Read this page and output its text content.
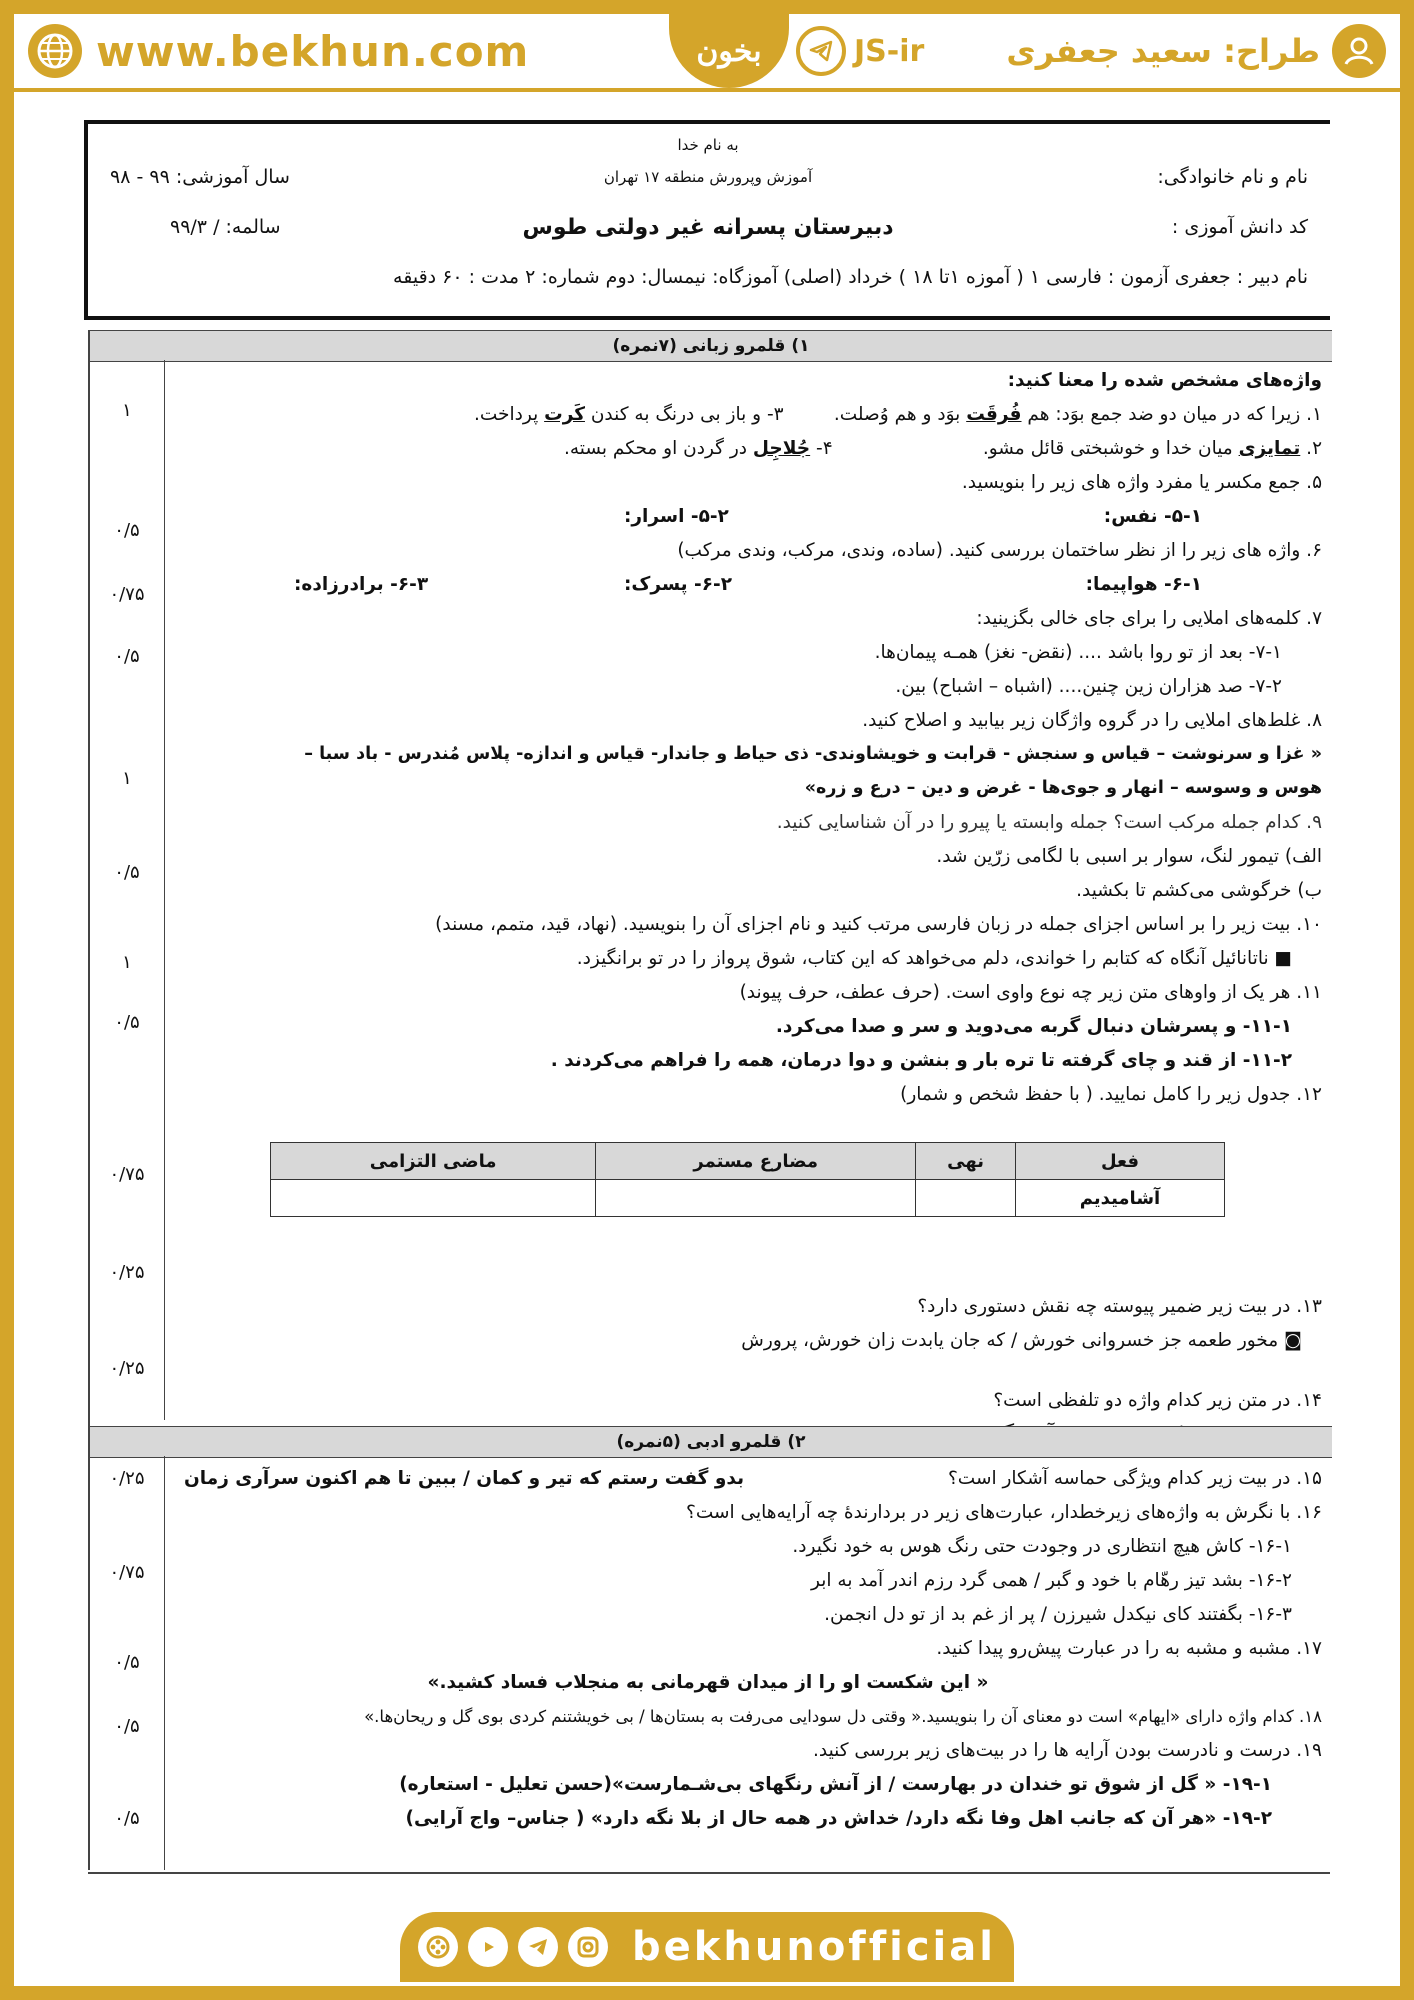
www.bekhun.com	بخون	JS-ir	طراح: سعید جعفری
به نام خدا
نام و نام خانوادگی:
آموزش وپرورش منطقه ۱۷ تهران
سال آموزشی: ۹۹ - ۹۸
کد دانش آموزی :
دبیرستان پسرانه غیر دولتی طوس
سالمه: / ۹۹/۳
نام دبیر : جعفری آزمون : فارسی ۱ ( آموزه ۱تا ۱۸ ) خرداد (اصلی) آموزگاه: نیمسال: دوم شماره: ۲ مدت : ۶۰ دقیقه
۱) قلمرو زبانی (۷نمره)
۱
۰/۵
۰/۷۵
۰/۵
۱
۰/۵
۱
۰/۵
۰/۷۵
۰/۲۵
۰/۲۵
واژه‌های مشخص شده را معنا کنید:
۱. زیرا که در میان دو ضد جمع بوَد: هم فُرقَت بوَد و هم وُصلت.
۳- و باز بی درنگ به کندن کَرت پرداخت.
۲. تمایزی میان خدا و خوشبختی قائل مشو.
۴- جُلاجِل در گردن او محکم بسته.
۵. جمع مکسر یا مفرد واژه های زیر را بنویسید.
۵-۱- نفس:
۵-۲- اسرار:
۶. واژه های زیر را از نظر ساختمان بررسی کنید. (ساده، وندی، مرکب، وندی مرکب)
۶-۱- هواپیما:
۶-۲- پسرک:
۶-۳- برادرزاده:
۷. کلمه‌های املایی را برای جای خالی بگزینید:
۷-۱- بعد از تو روا باشد .... (نقض- نغز) همـه پیمان‌ها.
۷-۲- صد هزاران زین چنین.... (اشباه – اشباح) بین.
۸. غلط‌های املایی را در گروه واژگان زیر بیابید و اصلاح کنید.
« غزا و سرنوشت – قیاس و سنجش - قرابت و خویشاوندی- ذی حیاط و جاندار- قیاس و اندازه- پلاس مُندرس - باد سبا –
هوس و وسوسه – انهار و جوی‌ها - غرض و دین – درع و زره»
۹. کدام جمله مرکب است؟ جمله وابسته یا پیرو را در آن شناسایی کنید.
الف) تیمور لنگ، سوار بر اسبی با لگامی زرّین شد.
ب) خرگوشی می‌کشم تا بکشید.
۱۰. بیت زیر را بر اساس اجزای جمله در زبان فارسی مرتب کنید و نام اجزای آن را بنویسید. (نهاد، قید، متمم، مسند)
■ ناتانائیل آنگاه که کتابم را خواندی، دلم می‌خواهد که این کتاب، شوق پرواز را در تو برانگیزد.
۱۱. هر یک از واوهای متن زیر چه نوع واوی است. (حرف عطف، حرف پیوند)
۱۱-۱- و پسرشان دنبال گربه می‌دوید و سر و صدا می‌کرد.
۱۱-۲- از قند و چای گرفته تا تره بار و بنشن و دوا درمان، همه را فراهم می‌کردند .
۱۲. جدول زیر را کامل نمایید. ( با حفظ شخص و شمار)
۱۳. در بیت زیر ضمیر پیوسته چه نقش دستوری دارد؟
◙ مخور طعمه جز خسروانی خورش / که جان یابدت زان خورش، پرورش
۱۴. در متن زیر کدام واژه دو تلفظی است؟
۲) قلمرو ادبی (۵نمره)
۰/۲۵
۰/۷۵
۰/۵
۰/۵
۰/۵
۱۵. در بیت زیر کدام ویژگی حماسه آشکار است؟
بدو گفت رستم که تیر و کمان / ببین تا هم اکنون سرآری زمان
۱۶. با نگرش به واژه‌های زیرخطدار، عبارت‌های زیر در بردارندهٔ چه آرایه‌هایی است؟
۱۶-۱- کاش هیچ انتظاری در وجودت حتی رنگ هوس به خود نگیرد.
۱۶-۲- بشد تیز رهّام با خود و گبر / همی گرد رزم اندر آمد به ابر
۱۶-۳- بگفتند کای نیکدل شیرزن / پر از غم بد از تو دل انجمن.
۱۷. مشبه و مشبه به را در عبارت پیش‌رو پیدا کنید.
« این شکست او را از میدان قهرمانی به منجلاب فساد کشید.»
۱۸. کدام واژه دارای «ایهام» است دو معنای آن را بنویسید.« وقتی دل سودایی می‌رفت به بستان‌ها / بی خویشتنم کردی بوی گل و ریحان‌ها.»
۱۹. درست و نادرست بودن آرایه ها را در بیت‌های زیر بررسی کنید.
۱۹-۱- « گل از شوق تو خندان در بهارست / از آنش رنگهای بی‌شـمارست»(حسن تعلیل - استعاره)
۱۹-۲- «هر آن که جانب اهل وفا نگه دارد/ خداش در همه حال از بلا نگه دارد» ( جناس– واج آرایی)
فعل	نهی	مضارع مستمر	ماضی التزامی
آشامیدیم			
bekhunofficial
